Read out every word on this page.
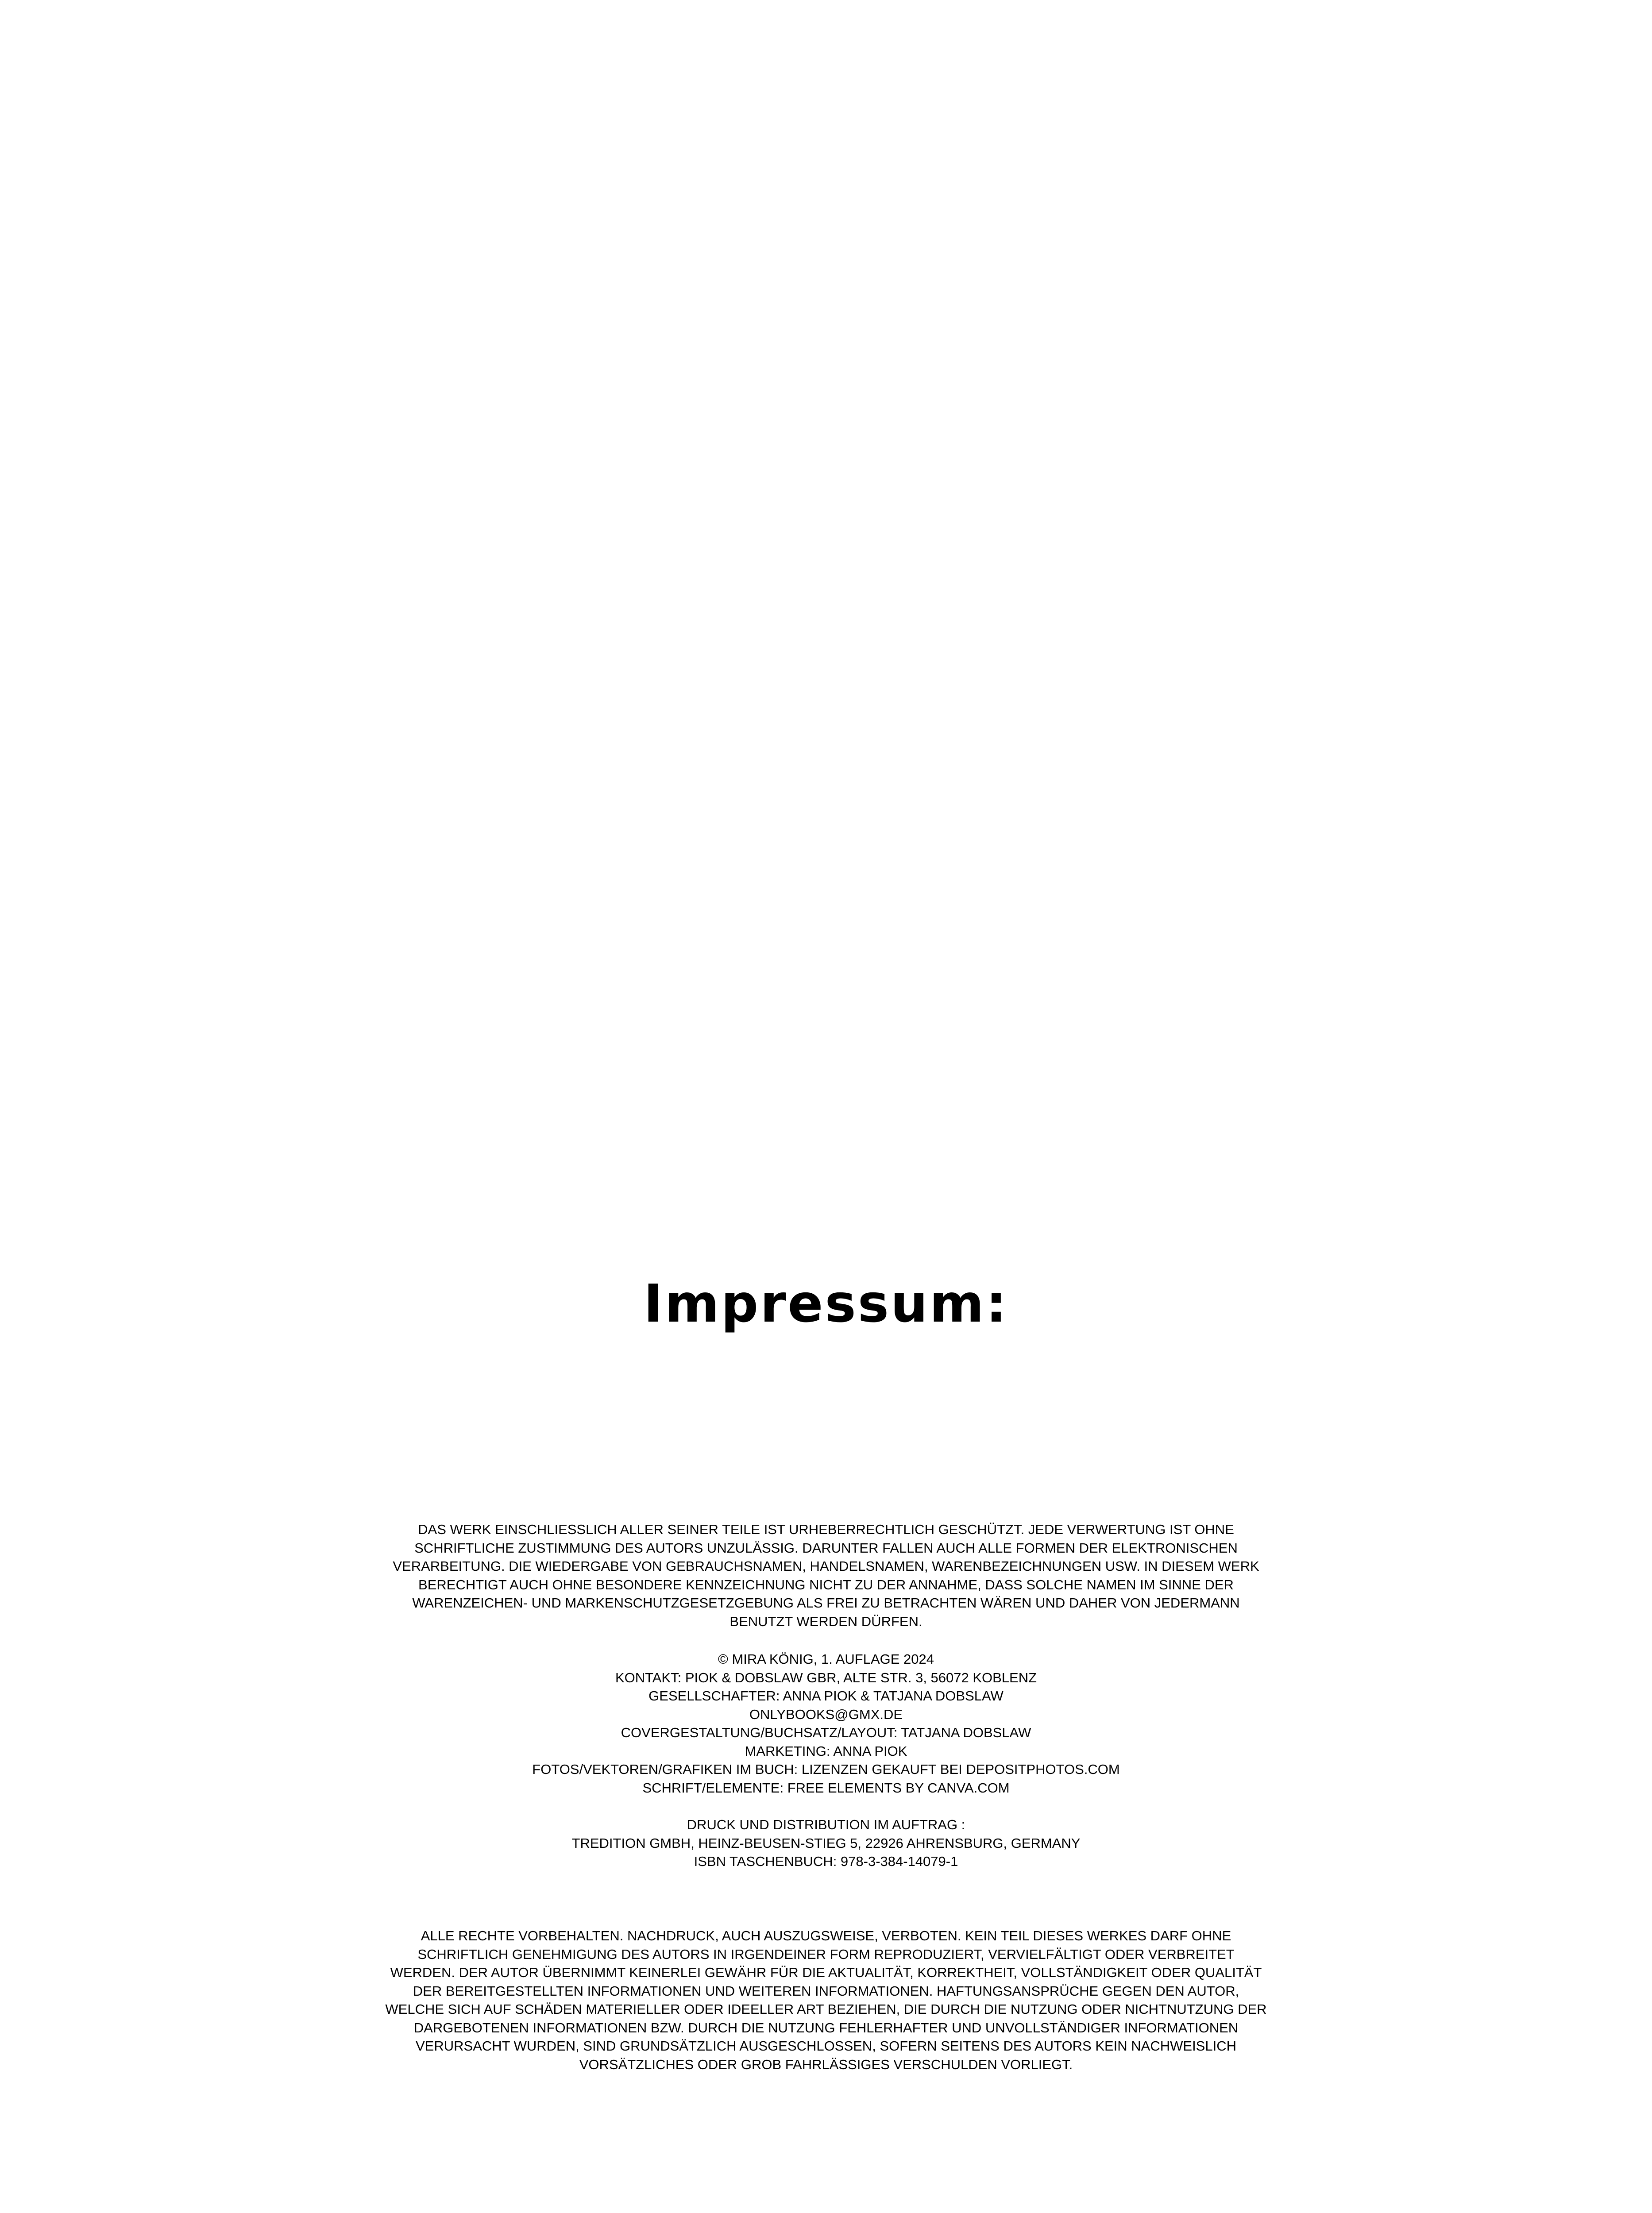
Impressum:
DAS WERK EINSCHLIESSLICH ALLER SEINER TEILE IST URHEBERRECHTLICH GESCHÜTZT. JEDE VERWERTUNG IST OHNE
SCHRIFTLICHE ZUSTIMMUNG DES AUTORS UNZULÄSSIG. DARUNTER FALLEN AUCH ALLE FORMEN DER ELEKTRONISCHEN
VERARBEITUNG. DIE WIEDERGABE VON GEBRAUCHSNAMEN, HANDELSNAMEN, WARENBEZEICHNUNGEN USW. IN DIESEM WERK
BERECHTIGT AUCH OHNE BESONDERE KENNZEICHNUNG NICHT ZU DER ANNAHME, DASS SOLCHE NAMEN IM SINNE DER
WARENZEICHEN- UND MARKENSCHUTZGESETZGEBUNG ALS FREI ZU BETRACHTEN WÄREN UND DAHER VON JEDERMANN
BENUTZT WERDEN DÜRFEN.
© MIRA KÖNIG, 1. AUFLAGE 2024
KONTAKT: PIOK & DOBSLAW GBR, ALTE STR. 3, 56072 KOBLENZ
GESELLSCHAFTER: ANNA PIOK & TATJANA DOBSLAW
ONLYBOOKS@GMX.DE
COVERGESTALTUNG/BUCHSATZ/LAYOUT: TATJANA DOBSLAW
MARKETING: ANNA PIOK
FOTOS/VEKTOREN/GRAFIKEN IM BUCH: LIZENZEN GEKAUFT BEI DEPOSITPHOTOS.COM
SCHRIFT/ELEMENTE: FREE ELEMENTS BY CANVA.COM
DRUCK UND DISTRIBUTION IM AUFTRAG :
TREDITION GMBH, HEINZ-BEUSEN-STIEG 5, 22926 AHRENSBURG, GERMANY
ISBN TASCHENBUCH: 978-3-384-14079-1
ALLE RECHTE VORBEHALTEN. NACHDRUCK, AUCH AUSZUGSWEISE, VERBOTEN. KEIN TEIL DIESES WERKES DARF OHNE
SCHRIFTLICH GENEHMIGUNG DES AUTORS IN IRGENDEINER FORM REPRODUZIERT, VERVIELFÄLTIGT ODER VERBREITET
WERDEN. DER AUTOR ÜBERNIMMT KEINERLEI GEWÄHR FÜR DIE AKTUALITÄT, KORREKTHEIT, VOLLSTÄNDIGKEIT ODER QUALITÄT
DER BEREITGESTELLTEN INFORMATIONEN UND WEITEREN INFORMATIONEN. HAFTUNGSANSPRÜCHE GEGEN DEN AUTOR,
WELCHE SICH AUF SCHÄDEN MATERIELLER ODER IDEELLER ART BEZIEHEN, DIE DURCH DIE NUTZUNG ODER NICHTNUTZUNG DER
DARGEBOTENEN INFORMATIONEN BZW. DURCH DIE NUTZUNG FEHLERHAFTER UND UNVOLLSTÄNDIGER INFORMATIONEN
VERURSACHT WURDEN, SIND GRUNDSÄTZLICH AUSGESCHLOSSEN, SOFERN SEITENS DES AUTORS KEIN NACHWEISLICH
VORSÄTZLICHES ODER GROB FAHRLÄSSIGES VERSCHULDEN VORLIEGT.
